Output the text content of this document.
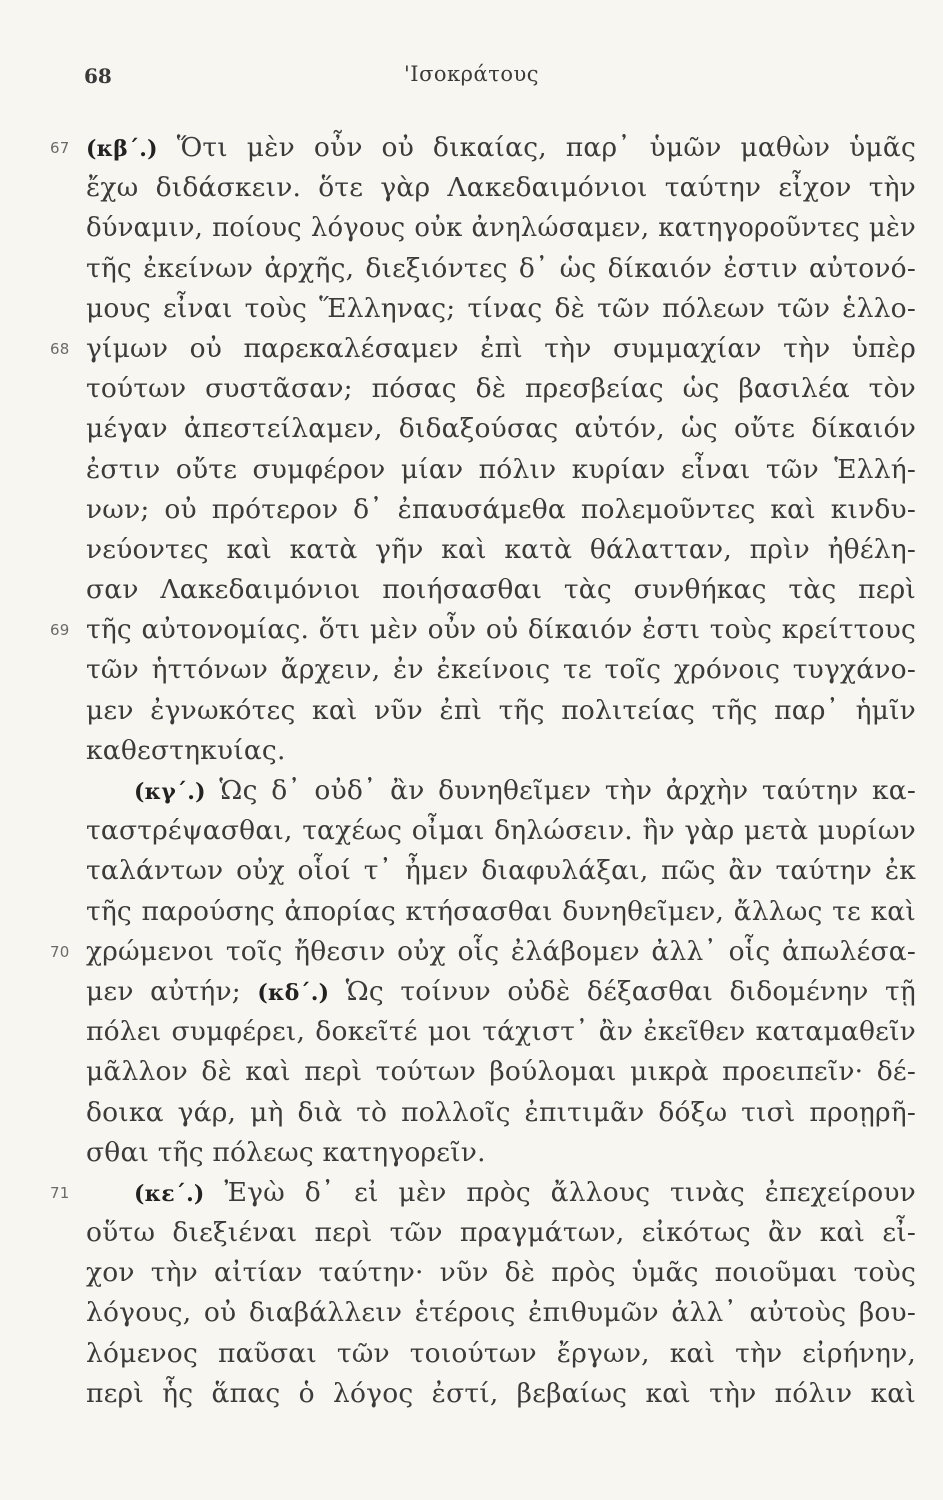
68	'Ισοκράτους
67 (κβ΄.) Ὅτι μὲν οὖν οὐ δικαίας, παρ᾿ ὑμῶν μαθὼν ὑμᾶς
ἔχω διδάσκειν. ὅτε γὰρ Λακεδαιμόνιοι ταύτην εἶχον τὴν
δύναμιν, ποίους λόγους οὐκ ἀνηλώσαμεν, κατηγοροῦντες μὲν
τῆς ἐκείνων ἀρχῆς, διεξιόντες δ᾿ ὡς δίκαιόν ἐστιν αὐτονό-
μους εἶναι τοὺς Ἕλληνας; τίνας δὲ τῶν πόλεων τῶν ἑλλο-
68 γίμων οὐ παρεκαλέσαμεν ἐπὶ τὴν συμμαχίαν τὴν ὑπὲρ
τούτων συστᾶσαν; πόσας δὲ πρεσβείας ὡς βασιλέα τὸν
μέγαν ἀπεστείλαμεν, διδαξούσας αὐτόν, ὡς οὔτε δίκαιόν
ἐστιν οὔτε συμφέρον μίαν πόλιν κυρίαν εἶναι τῶν Ἑλλή-
νων; οὐ πρότερον δ᾿ ἐπαυσάμεθα πολεμοῦντες καὶ κινδυ-
νεύοντες καὶ κατὰ γῆν καὶ κατὰ θάλατταν, πρὶν ἠθέλη-
σαν Λακεδαιμόνιοι ποιήσασθαι τὰς συνθήκας τὰς περὶ
69 τῆς αὐτονομίας. ὅτι μὲν οὖν οὐ δίκαιόν ἐστι τοὺς κρείττους
τῶν ἡττόνων ἄρχειν, ἐν ἐκείνοις τε τοῖς χρόνοις τυγχάνο-
μεν ἐγνωκότες καὶ νῦν ἐπὶ τῆς πολιτείας τῆς παρ᾿ ἡμῖν
καθεστηκυίας.
(κγ΄.) Ὡς δ᾿ οὐδ᾿ ἂν δυνηθεῖμεν τὴν ἀρχὴν ταύτην κα-
ταστρέψασθαι, ταχέως οἶμαι δηλώσειν. ἣν γὰρ μετὰ μυρίων
ταλάντων οὐχ οἷοί τ᾿ ἦμεν διαφυλάξαι, πῶς ἂν ταύτην ἐκ
τῆς παρούσης ἀπορίας κτήσασθαι δυνηθεῖμεν, ἄλλως τε καὶ
70 χρώμενοι τοῖς ἤθεσιν οὐχ οἷς ἐλάβομεν ἀλλ᾿ οἷς ἀπωλέσα-
μεν αὐτήν; (κδ΄.) Ὡς τοίνυν οὐδὲ δέξασθαι διδομένην τῇ
πόλει συμφέρει, δοκεῖτέ μοι τάχιστ᾿ ἂν ἐκεῖθεν καταμαθεῖν
μᾶλλον δὲ καὶ περὶ τούτων βούλομαι μικρὰ προειπεῖν· δέ-
δοικα γάρ, μὴ διὰ τὸ πολλοῖς ἐπιτιμᾶν δόξω τισὶ προῃρῆ-
σθαι τῆς πόλεως κατηγορεῖν.
71	(κε΄.) Ἐγὼ δ᾿ εἰ μὲν πρὸς ἄλλους τινὰς ἐπεχείρουν
οὕτω διεξιέναι περὶ τῶν πραγμάτων, εἰκότως ἂν καὶ εἶ-
χον τὴν αἰτίαν ταύτην· νῦν δὲ πρὸς ὑμᾶς ποιοῦμαι τοὺς
λόγους, οὐ διαβάλλειν ἑτέροις ἐπιθυμῶν ἀλλ᾿ αὐτοὺς βου-
λόμενος παῦσαι τῶν τοιούτων ἔργων, καὶ τὴν εἰρήνην,
περὶ ἧς ἅπας ὁ λόγος ἐστί, βεβαίως καὶ τὴν πόλιν καὶ
